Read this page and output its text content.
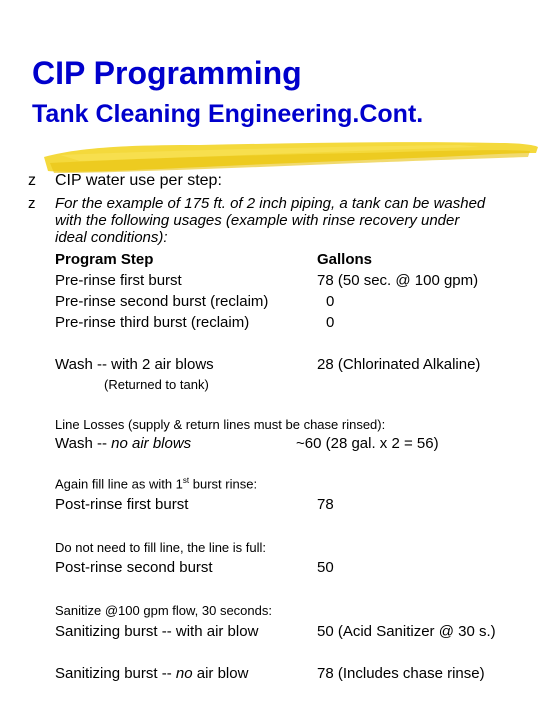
CIP Programming
Tank Cleaning Engineering.Cont.
z CIP water use per step:
z For the example of 175 ft. of 2 inch piping, a tank can be washed
with the following usages (example with rinse recovery under
ideal conditions):
Program Step	Gallons
Pre-rinse first burst	78 (50 sec. @ 100 gpm)
Pre-rinse second burst (reclaim)	0
Pre-rinse third burst (reclaim)	0
Wash -- with 2 air blows	28 (Chlorinated Alkaline)
(Returned to tank)
Line Losses (supply & return lines must be chase rinsed):
Wash -- no air blows	~60 (28 gal. x 2 = 56)
Again fill line as with 1st burst rinse:
Post-rinse first burst	78
Do not need to fill line, the line is full:
Post-rinse second burst	50
Sanitize @100 gpm flow, 30 seconds:
Sanitizing burst -- with air blow	50 (Acid Sanitizer @ 30 s.)
Sanitizing burst -- no air blow	78 (Includes chase rinse)
